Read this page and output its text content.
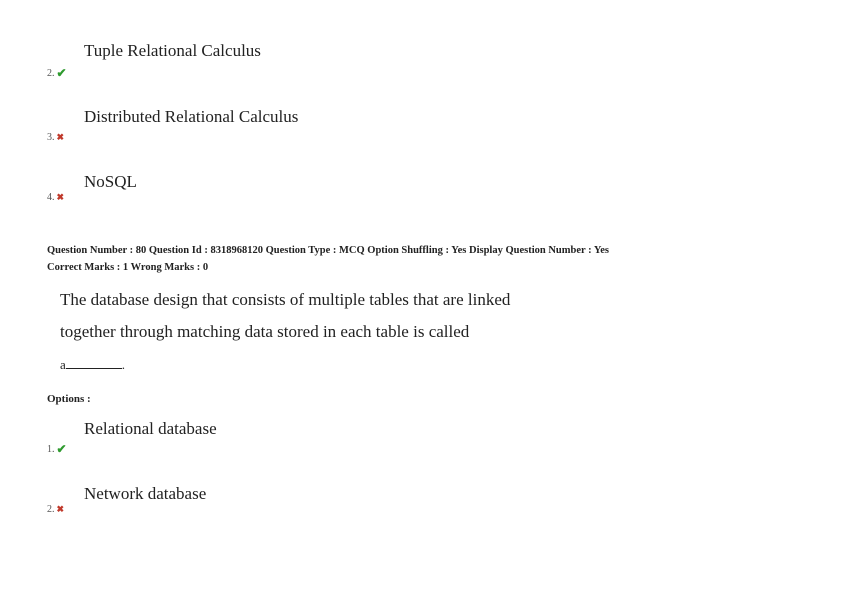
Tuple Relational Calculus
2. ✔
Distributed Relational Calculus
3. ✖
NoSQL
4. ✖
Question Number : 80 Question Id : 8318968120 Question Type : MCQ Option Shuffling : Yes Display Question Number : Yes
Correct Marks : 1 Wrong Marks : 0
The database design that consists of multiple tables that are linked
together through matching data stored in each table is called
a	.
Options :
Relational database
1. ✔
Network database
2. ✖
